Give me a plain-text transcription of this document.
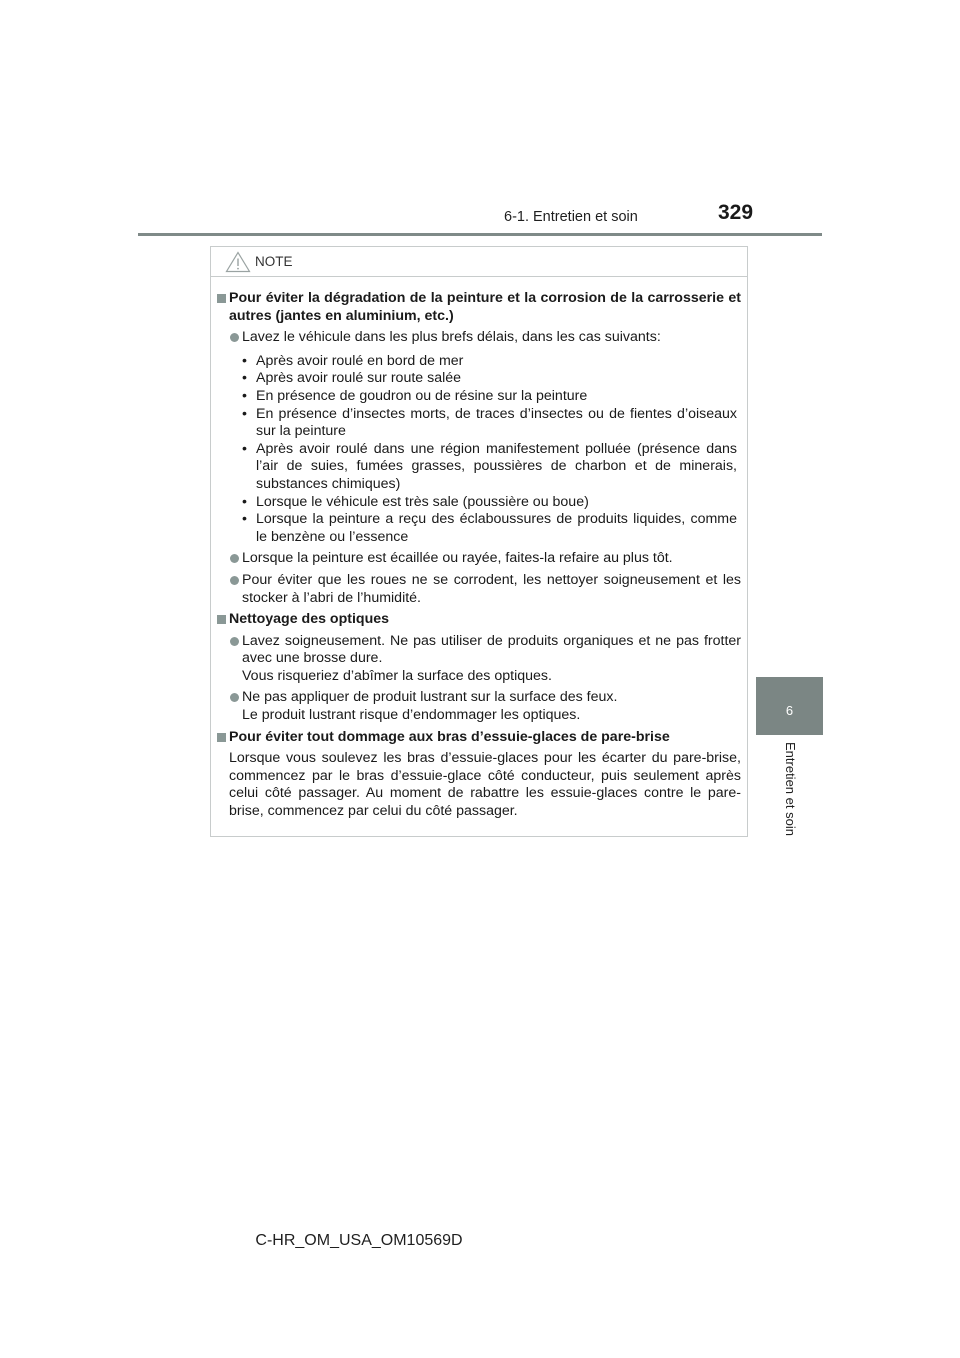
6-1. Entretien et soin	329
6
Entretien et soin
NOTE
Pour éviter la dégradation de la peinture et la corrosion de la carrosserie et autres (jantes en aluminium, etc.)
Lavez le véhicule dans les plus brefs délais, dans les cas suivants:
• Après avoir roulé en bord de mer
• Après avoir roulé sur route salée
• En présence de goudron ou de résine sur la peinture
• En présence d’insectes morts, de traces d’insectes ou de fientes d’oiseaux sur la peinture
• Après avoir roulé dans une région manifestement polluée (présence dans l’air de suies, fumées grasses, poussières de charbon et de minerais, substances chimiques)
• Lorsque le véhicule est très sale (poussière ou boue)
• Lorsque la peinture a reçu des éclaboussures de produits liquides, comme le benzène ou l’essence
Lorsque la peinture est écaillée ou rayée, faites-la refaire au plus tôt.
Pour éviter que les roues ne se corrodent, les nettoyer soigneusement et les stocker à l’abri de l’humidité.
Nettoyage des optiques
Lavez soigneusement. Ne pas utiliser de produits organiques et ne pas frotter avec une brosse dure.
Vous risqueriez d’abîmer la surface des optiques.
Ne pas appliquer de produit lustrant sur la surface des feux.
Le produit lustrant risque d’endommager les optiques.
Pour éviter tout dommage aux bras d’essuie-glaces de pare-brise
Lorsque vous soulevez les bras d’essuie-glaces pour les écarter du pare-brise, commencez par le bras d’essuie-glace côté conducteur, puis seulement après celui côté passager. Au moment de rabattre les essuie-glaces contre le pare-brise, commencez par celui du côté passager.
C-HR_OM_USA_OM10569D
